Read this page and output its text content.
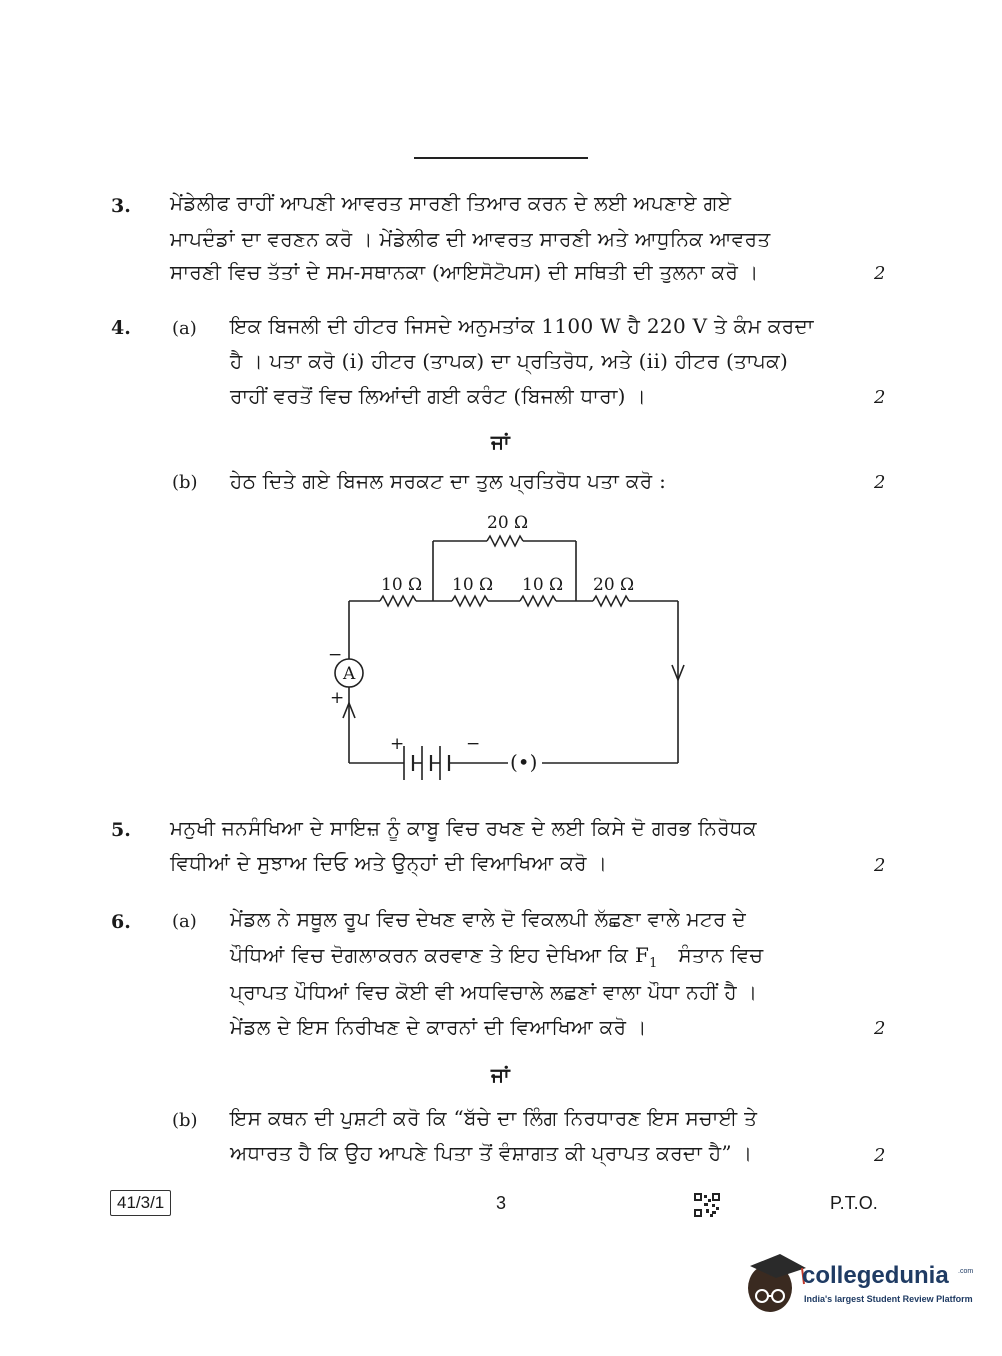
3. ਮੇਂਡੇਲੀਫ ਰਾਹੀਂ ਆਪਣੀ ਆਵਰਤ ਸਾਰਣੀ ਤਿਆਰ ਕਰਨ ਦੇ ਲਈ ਅਪਣਾਏ ਗਏ
ਮਾਪਦੰਡਾਂ ਦਾ ਵਰਣਨ ਕਰੋ । ਮੇਂਡੇਲੀਫ ਦੀ ਆਵਰਤ ਸਾਰਣੀ ਅਤੇ ਆਧੁਨਿਕ ਆਵਰਤ
ਸਾਰਣੀ ਵਿਚ ਤੱਤਾਂ ਦੇ ਸਮ-ਸਥਾਨਕਾ (ਆਇਸੋਟੋਪਸ) ਦੀ ਸਥਿਤੀ ਦੀ ਤੁਲਨਾ ਕਰੋ ।	2
4. (a) ਇਕ ਬਿਜਲੀ ਦੀ ਹੀਟਰ ਜਿਸਦੇ ਅਨੁਮਤਾਂਕ 1100 W ਹੈ 220 V ਤੇ ਕੰਮ ਕਰਦਾ
ਹੈ । ਪਤਾ ਕਰੋ (i) ਹੀਟਰ (ਤਾਪਕ) ਦਾ ਪ੍ਰਤਿਰੋਧ, ਅਤੇ (ii) ਹੀਟਰ (ਤਾਪਕ)
ਰਾਹੀਂ ਵਰਤੋਂ ਵਿਚ ਲਿਆਂਦੀ ਗਈ ਕਰੰਟ (ਬਿਜਲੀ ਧਾਰਾ) ।	2
ਜਾਂ
(b) ਹੇਠ ਦਿਤੇ ਗਏ ਬਿਜਲ ਸਰਕਟ ਦਾ ਤੁਲ ਪ੍ਰਤਿਰੋਧ ਪਤਾ ਕਰੋ :	2
20 Ω
10 Ω 10 Ω 10 Ω 20 Ω
+	−
(•)
A
−
+
5. ਮਨੁਖੀ ਜਨਸੰਖਿਆ ਦੇ ਸਾਇਜ਼ ਨੂੰ ਕਾਬੂ ਵਿਚ ਰਖਣ ਦੇ ਲਈ ਕਿਸੇ ਦੋ ਗਰਭ ਨਿਰੋਧਕ
ਵਿਧੀਆਂ ਦੇ ਸੁਝਾਅ ਦਿਓ ਅਤੇ ਉਨ੍ਹਾਂ ਦੀ ਵਿਆਖਿਆ ਕਰੋ ।	2
6. (a) ਮੇਂਡਲ ਨੇ ਸਥੂਲ ਰੂਪ ਵਿਚ ਦੇਖਣ ਵਾਲੇ ਦੋ ਵਿਕਲਪੀ ਲੱਛਣਾ ਵਾਲੇ ਮਟਰ ਦੇ
ਪੌਧਿਆਂ ਵਿਚ ਦੋਗਲਾਕਰਨ ਕਰਵਾਣ ਤੇ ਇਹ ਦੇਖਿਆ ਕਿ $F_1$ ਸੰਤਾਨ ਵਿਚ
ਪ੍ਰਾਪਤ ਪੌਧਿਆਂ ਵਿਚ ਕੋਈ ਵੀ ਅਧਵਿਚਾਲੇ ਲਛਣਾਂ ਵਾਲਾ ਪੌਧਾ ਨਹੀਂ ਹੈ ।
ਮੇਂਡਲ ਦੇ ਇਸ ਨਿਰੀਖਣ ਦੇ ਕਾਰਨਾਂ ਦੀ ਵਿਆਖਿਆ ਕਰੋ ।	2
ਜਾਂ
(b) ਇਸ ਕਥਨ ਦੀ ਪੁਸ਼ਟੀ ਕਰੋ ਕਿ “ਬੱਚੇ ਦਾ ਲਿੰਗ ਨਿਰਧਾਰਣ ਇਸ ਸਚਾਈ ਤੇ
ਅਧਾਰਤ ਹੈ ਕਿ ਉਹ ਆਪਣੇ ਪਿਤਾ ਤੋਂ ਵੰਸ਼ਾਗਤ ਕੀ ਪ੍ਰਾਪਤ ਕਰਦਾ ਹੈ” ।	2
41/3/1	3	P.T.O.
collegedunia .com
India's largest Student Review Platform
